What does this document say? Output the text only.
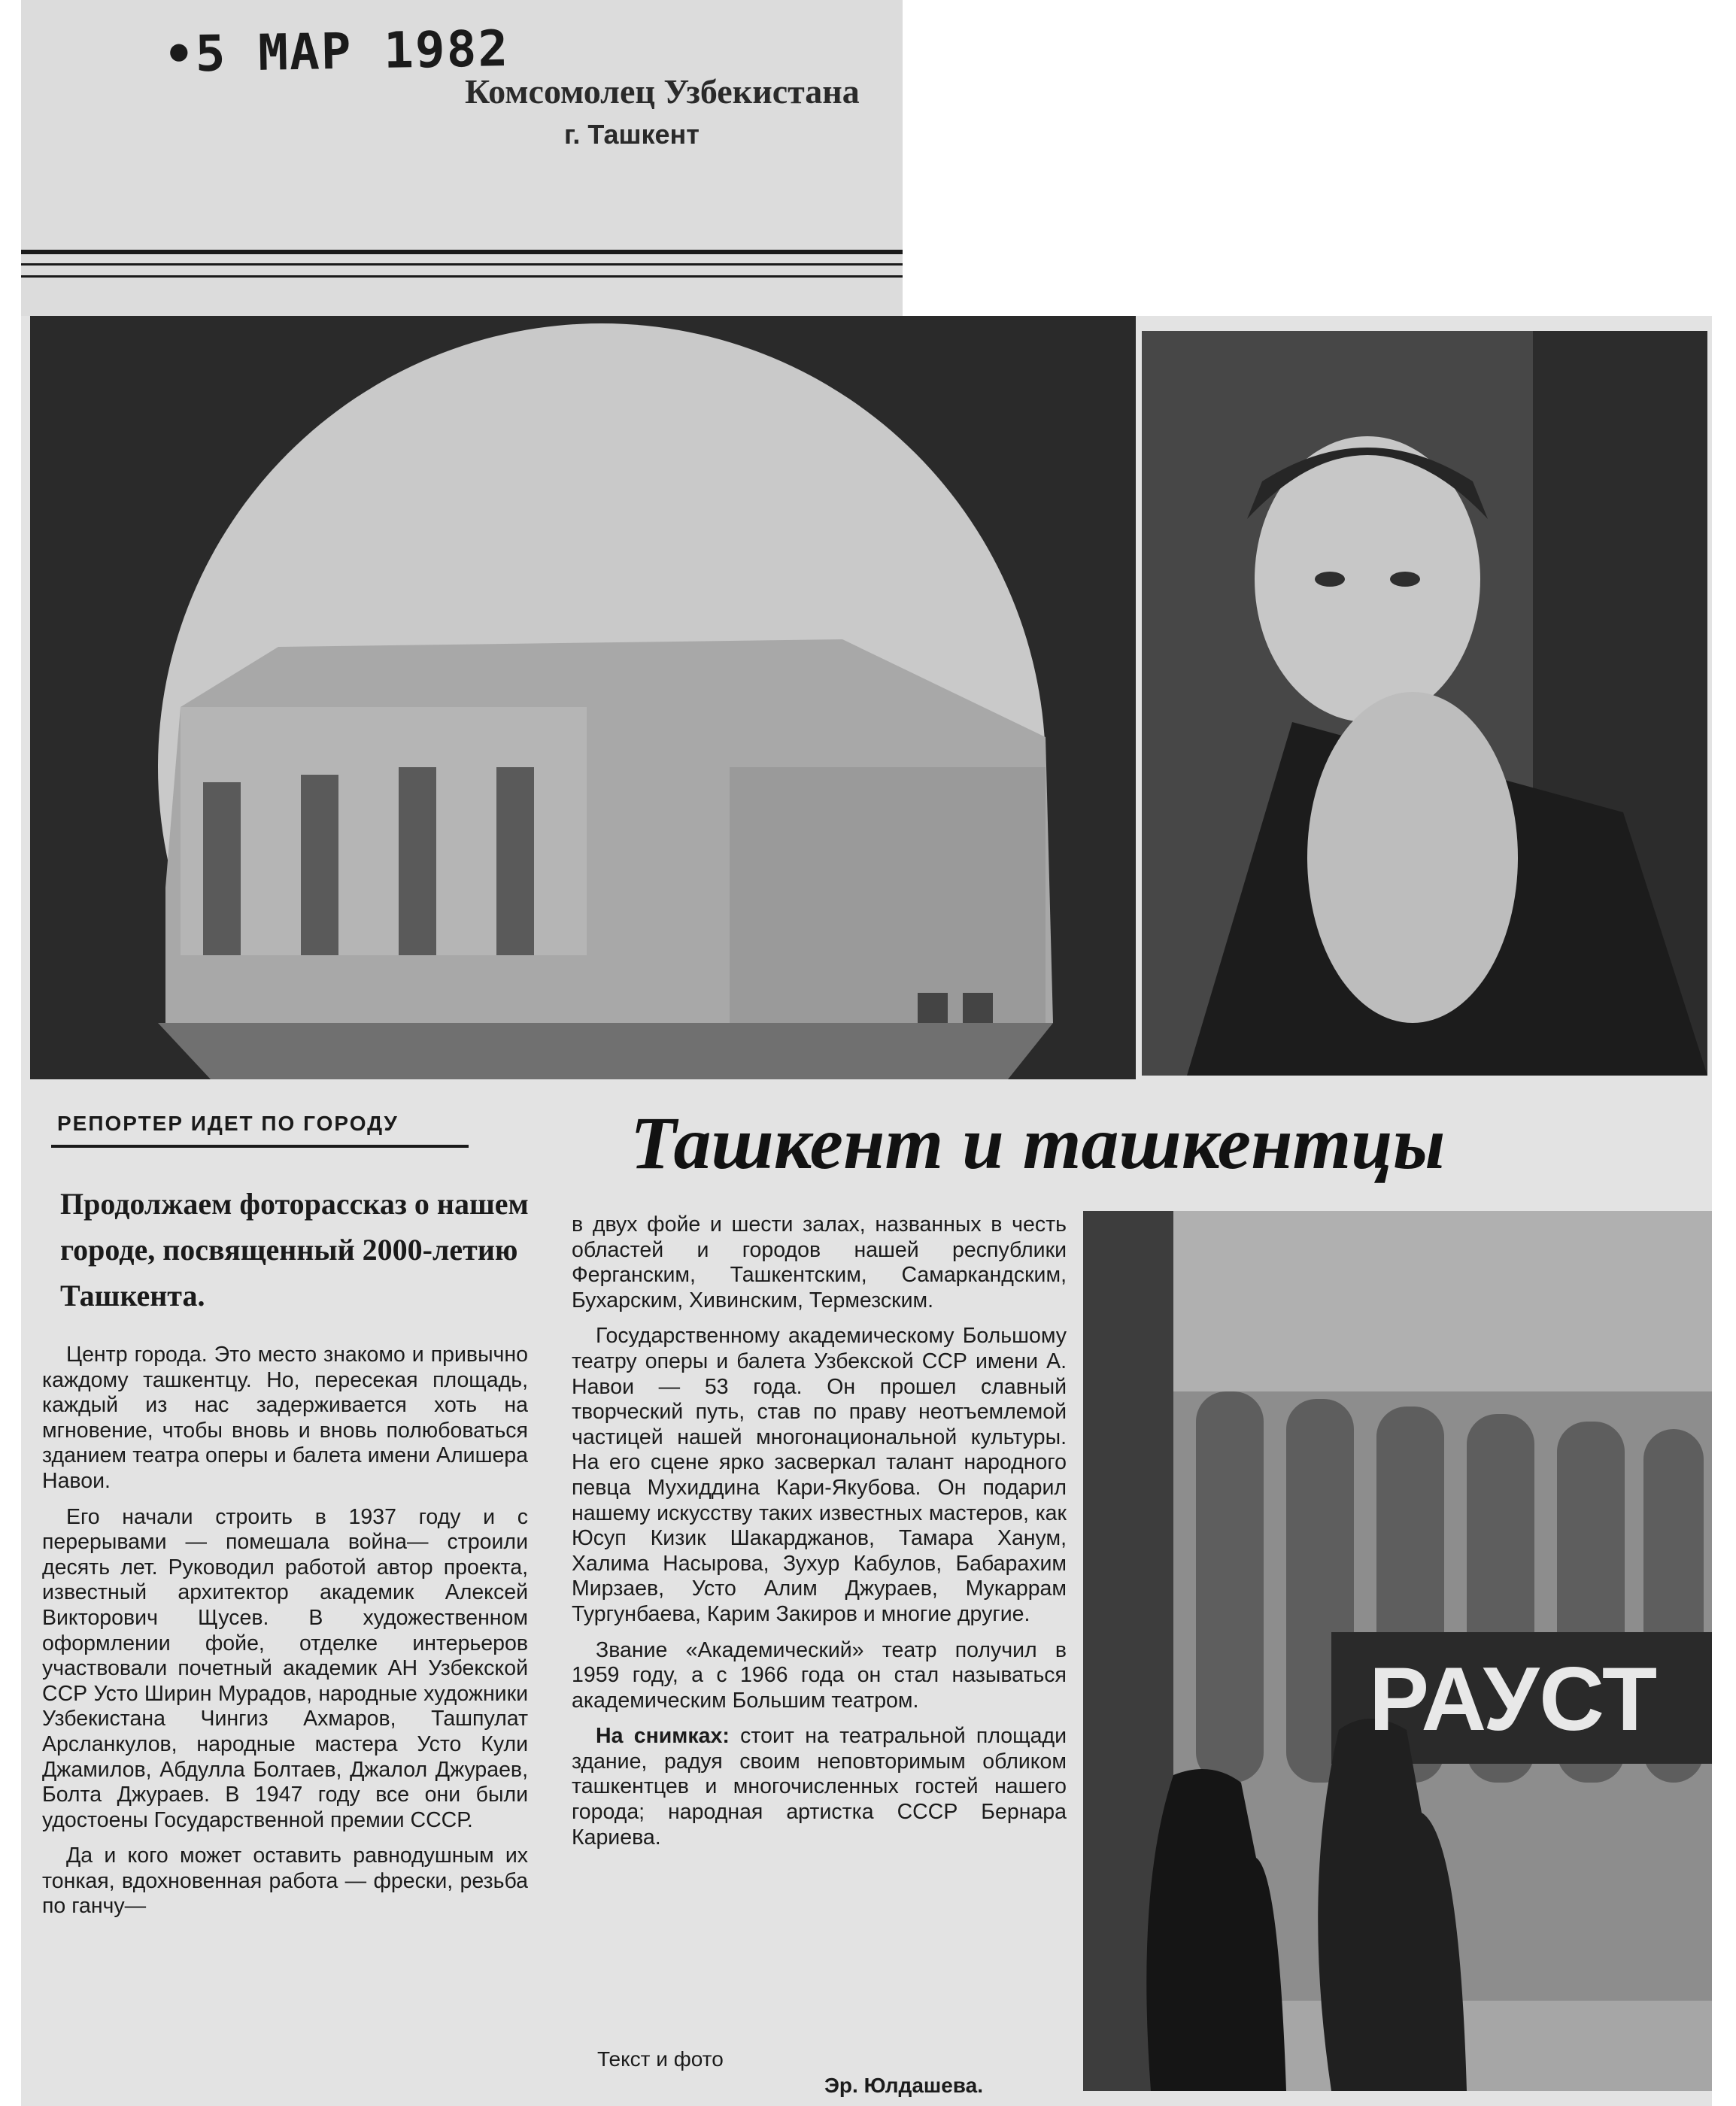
•5 МАР 1982
Комсомолец Узбекистана
г. Ташкент
РАУСТ
РЕПОРТЕР ИДЕТ ПО ГОРОДУ	Ташкент и ташкентцы
Продолжаем фоторассказ о нашем городе, посвященный 2000-летию Ташкента.

Центр города. Это место знакомо и привычно каждому ташкентцу. Но, пересекая площадь, каждый из нас задерживается хоть на мгновение, чтобы вновь и вновь полюбоваться зданием театра оперы и балета имени Алишера Навои.

Его начали строить в 1937 году и с перерывами — помешала война— строили десять лет. Руководил работой автор проекта, известный архитектор академик Алексей Викторович Щусев. В художественном оформлении фойе, отделке интерьеров участвовали почетный академик АН Узбекской ССР Усто Ширин Мурадов, народные художники Узбекистана Чингиз Ахмаров, Ташпулат Арсланкулов, народные мастера Усто Кули Джамилов, Абдулла Болтаев, Джалол Джураев, Болта Джураев. В 1947 году все они были удостоены Государственной премии СССР.

Да и кого может оставить равнодушным их тонкая, вдохновенная работа — фрески, резьба по ганчу—

в двух фойе и шести залах, названных в честь областей и городов нашей республики Ферганским, Ташкентским, Самаркандским, Бухарским, Хивинским, Термезским.

Государственному академическому Большому театру оперы и балета Узбекской ССР имени А. Навои — 53 года. Он прошел славный творческий путь, став по праву неотъемлемой частицей нашей многонациональной культуры. На его сцене ярко засверкал талант народного певца Мухиддина Кари-Якубова. Он подарил нашему искусству таких известных мастеров, как Юсуп Кизик Шакарджанов, Тамара Ханум, Халима Насырова, Зухур Кабулов, Бабарахим Мирзаев, Усто Алим Джураев, Мукаррам Тургунбаева, Карим Закиров и многие другие.

Звание «Академический» театр получил в 1959 году, а с 1966 года он стал называться академическим Большим театром.

На снимках: стоит на театральной площади здание, радуя своим неповторимым обликом ташкентцев и многочисленных гостей нашего города; народная артистка СССР Бернара Кариева.

Текст и фото
Эр. Юлдашева.
